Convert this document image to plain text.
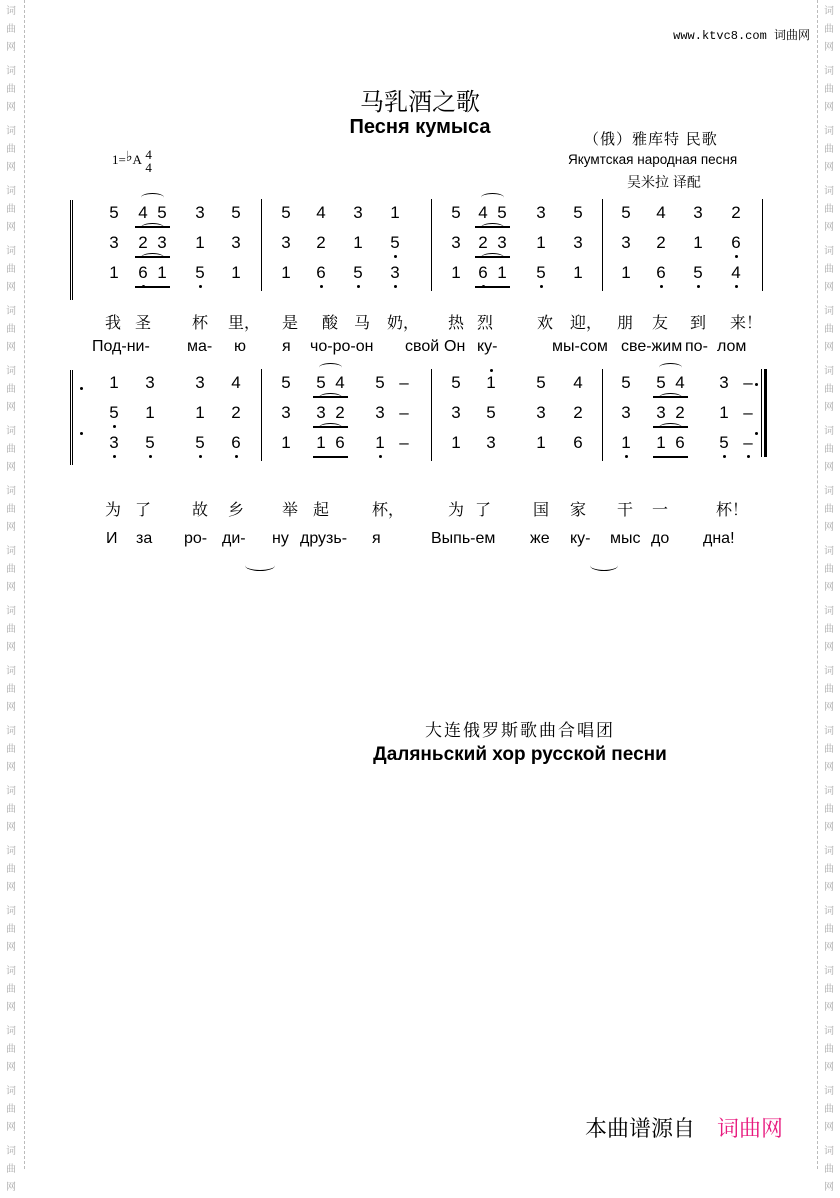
词
曲
网
词
曲
网
词
曲
网
词
曲
网
词
曲
网
词
曲
网
词
曲
网
词
曲
网
词
曲
网
词
曲
网
词
曲
网
词
曲
网
词
曲
网
词
曲
网
词
曲
网
词
曲
网
词
曲
网
词
曲
网
词
曲
网
词
曲
网
词
曲
网
词
曲
网
词
曲
网
词
曲
网
词
曲
网
词
曲
网
词
曲
网
词
曲
网
词
曲
网
词
曲
网
词
曲
网
词
曲
网
词
曲
网
词
曲
网
词
曲
网
词
曲
网
词
曲
网
词
曲
网
词
曲
网
词
曲
网
www.ktvc8.com 词曲网
马乳酒之歌
Песня кумыса
（俄）雅库特 民歌
Якумтская народная песня
吴米拉 译配
1=♭A 4
4
5 4 5 3 5 5 4 3 1	5 4 5 3 5 5 4 3 2
3 2 3 1 3 3 2 1 5	3 2 3 1 3 3 2 1 6
1 6 1 5 1 1 6 5 3	1 6 1 5 1 1 6 5 4
1 3 3 4 5 5 4 5 –	5 1 5 4 5 5 4 3 –
5 1 1 2 3 3 2 3 –	3 5 3 2 3 3 2 1 –
3 5 5 6 1 1 6 1 –	1 3 1 6 1 1 6 5 –
我 圣	杯 里， 是 酸 马 奶， 热 烈	欢 迎， 朋 友 到 来！
Под-ни- ма- ю я чо-ро-он свой Он ку-	мы-сом све-жим по- лом
为 了	故 乡 举 起	杯，	为 了	国 家 干 一	杯！
И за ро- ди- ну друзь- я	Выпь-ем же ку- мыс до дна!
大连俄罗斯歌曲合唱团
Даляньский хор русской песни
本曲谱源自 词曲网
